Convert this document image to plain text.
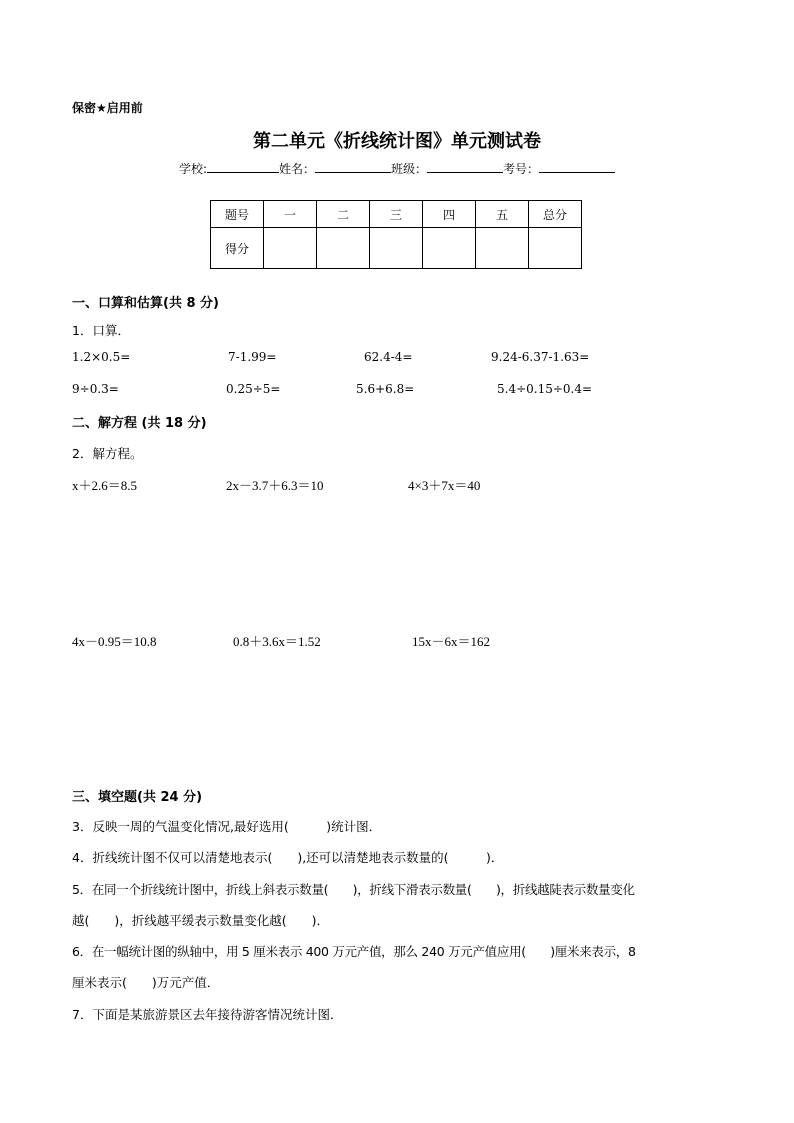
保密★启用前
第二单元《折线统计图》单元测试卷
学校:	姓名：	班级：	考号：
题号	一	二	三	四	五	总分
得分						
一、口算和估算(共 8 分)
1．口算．
1.2×0.5=	7-1.99=	62.4-4=	9.24-6.37-1.63=
9÷0.3=	0.25÷5=	5.6+6.8=	5.4÷0.15÷0.4=
二、解方程 (共 18 分)
2．解方程。
x＋2.6＝8.5	2x－3.7＋6.3＝10	4×3＋7x＝40
4x－0.95＝10.8	0.8＋3.6x＝1.52	15x－6x＝162
三、填空题(共 24 分)
3．反映一周的气温变化情况,最好选用(　　　)统计图．
4．折线统计图不仅可以清楚地表示(　　),还可以清楚地表示数量的(　　　)．
5．在同一个折线统计图中，折线上斜表示数量(　　)，折线下滑表示数量(　　)，折线越陡表示数量变化
越(　　)，折线越平缓表示数量变化越(　　)．
6．在一幅统计图的纵轴中，用 5 厘米表示 400 万元产值，那么 240 万元产值应用(　　)厘米来表示，8
厘米表示(　　)万元产值．
7．下面是某旅游景区去年接待游客情况统计图．
